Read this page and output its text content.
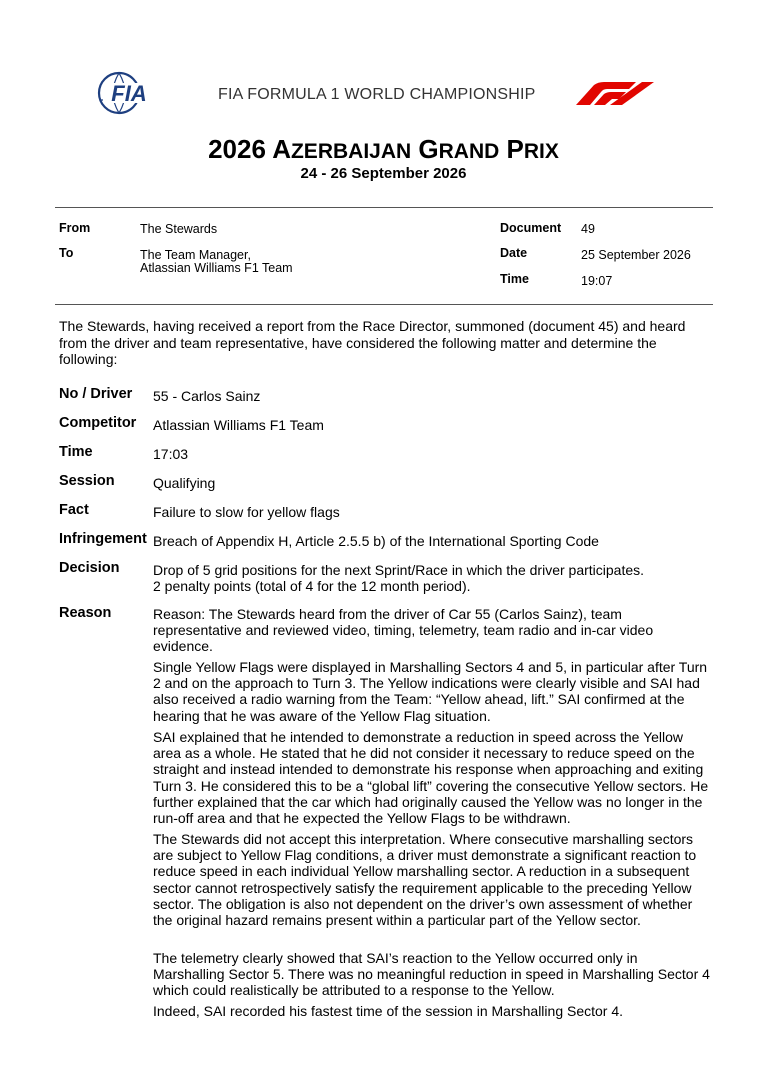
FIA	FIA FORMULA 1 WORLD CHAMPIONSHIP
2026 AZERBAIJAN GRAND PRIX
24 - 26 September 2026
From	The Stewards
To	The Team Manager,
Atlassian Williams F1 Team
Document 49
Date	25 September 2026
Time	19:07
The Stewards, having received a report from the Race Director, summoned (document 45) and heard from the driver and team representative, have considered the following matter and determine the following:
No / Driver 55 - Carlos Sainz
Competitor Atlassian Williams F1 Team
Time	17:03
Session	Qualifying
Fact	Failure to slow for yellow flags
Infringement Breach of Appendix H, Article 2.5.5 b) of the International Sporting Code
Decision Drop of 5 grid positions for the next Sprint/Race in which the driver participates.
2 penalty points (total of 4 for the 12 month period).
Reason	Reason: The Stewards heard from the driver of Car 55 (Carlos Sainz), team representative and reviewed video, timing, telemetry, team radio and in-car video evidence.
Single Yellow Flags were displayed in Marshalling Sectors 4 and 5, in particular after Turn 2 and on the approach to Turn 3. The Yellow indications were clearly visible and SAI had also received a radio warning from the Team: “Yellow ahead, lift.” SAI confirmed at the hearing that he was aware of the Yellow Flag situation.
SAI explained that he intended to demonstrate a reduction in speed across the Yellow area as a whole. He stated that he did not consider it necessary to reduce speed on the straight and instead intended to demonstrate his response when approaching and exiting Turn 3. He considered this to be a “global lift” covering the consecutive Yellow sectors. He further explained that the car which had originally caused the Yellow was no longer in the run-off area and that he expected the Yellow Flags to be withdrawn.
The Stewards did not accept this interpretation. Where consecutive marshalling sectors are subject to Yellow Flag conditions, a driver must demonstrate a significant reaction to reduce speed in each individual Yellow marshalling sector. A reduction in a subsequent sector cannot retrospectively satisfy the requirement applicable to the preceding Yellow sector. The obligation is also not dependent on the driver’s own assessment of whether the original hazard remains present within a particular part of the Yellow sector.
The telemetry clearly showed that SAI’s reaction to the Yellow occurred only in Marshalling Sector 5. There was no meaningful reduction in speed in Marshalling Sector 4 which could realistically be attributed to a response to the Yellow.
Indeed, SAI recorded his fastest time of the session in Marshalling Sector 4.
